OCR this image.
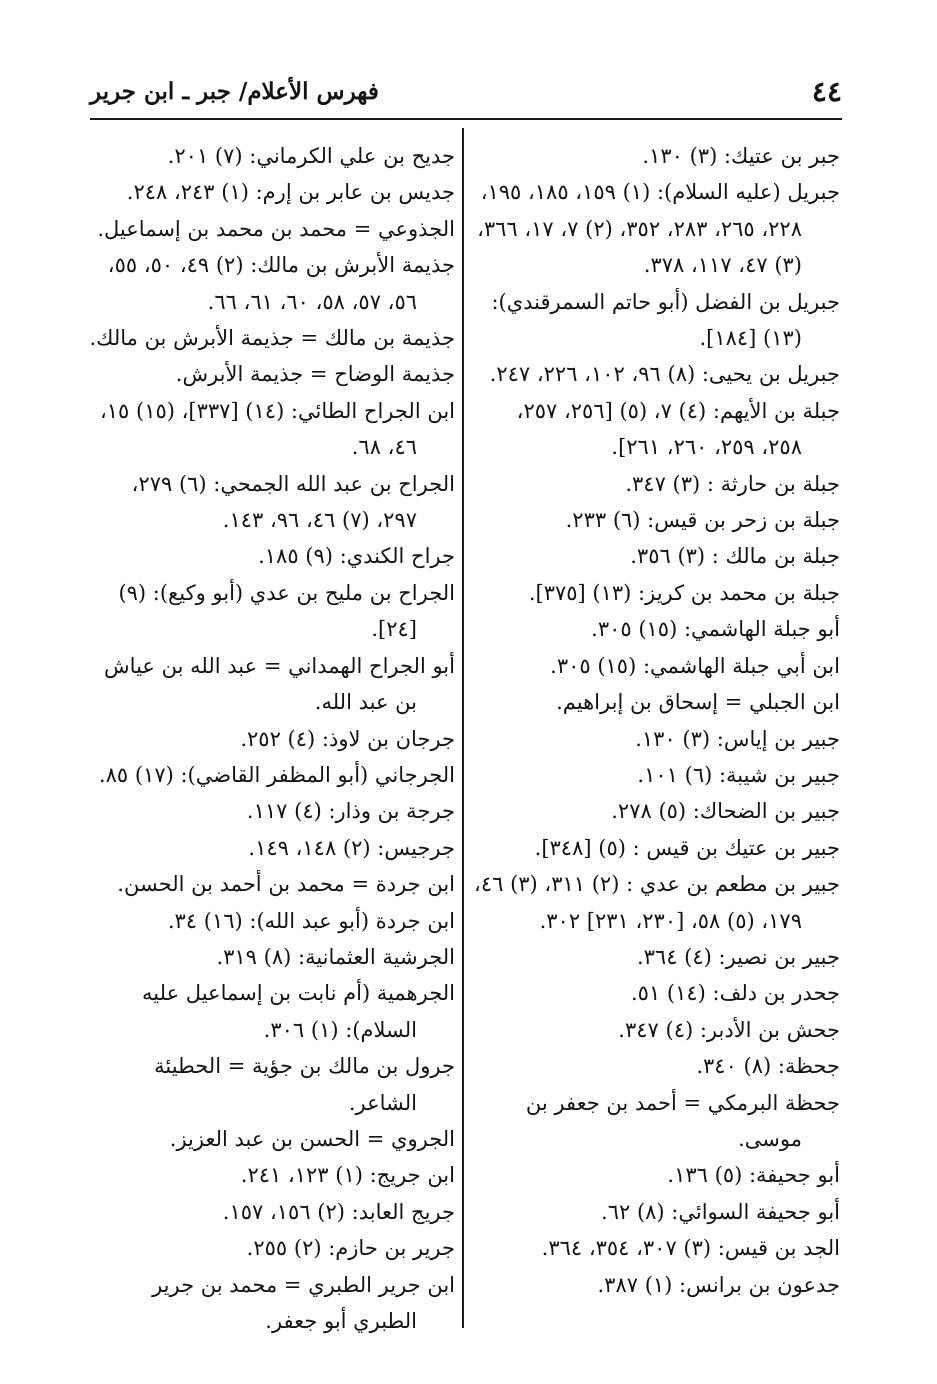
٤٤
فهرس الأعلام/ جبر ـ ابن جرير

جبر بن عتيك: (٣) ١٣٠.

جبريل (عليه السلام): (١) ١٥٩، ١٨٥، ١٩٥، ٢٢٨، ٢٦٥، ٢٨٣، ٣٥٢، (٢) ٧، ١٧، ٣٦٦، (٣) ٤٧، ١١٧، ٣٧٨.

جبريل بن الفضل (أبو حاتم السمرقندي): (١٣) [١٨٤].

جبريل بن يحيى: (٨) ٩٦، ١٠٢، ٢٢٦، ٢٤٧.

جبلة بن الأيهم: (٤) ٧، (٥) [٢٥٦، ٢٥٧، ٢٥٨، ٢٥٩، ٢٦٠، ٢٦١].

جبلة بن حارثة : (٣) ٣٤٧.

جبلة بن زحر بن قيس: (٦) ٢٣٣.

جبلة بن مالك : (٣) ٣٥٦.

جبلة بن محمد بن كريز: (١٣) [٣٧٥].

أبو جبلة الهاشمي: (١٥) ٣٠٥.

ابن أبي جبلة الهاشمي: (١٥) ٣٠٥.

ابن الجبلي = إسحاق بن إبراهيم.

جبير بن إياس: (٣) ١٣٠.

جبير بن شيبة: (٦) ١٠١.

جبير بن الضحاك: (٥) ٢٧٨.

جبير بن عتيك بن قيس : (٥) [٣٤٨].

جبير بن مطعم بن عدي : (٢) ٣١١، (٣) ٤٦، ١٧٩، (٥) ٥٨، [٢٣٠، ٢٣١] ٣٠٢.

جبير بن نصير: (٤) ٣٦٤.

جحدر بن دلف: (١٤) ٥١.

جحش بن الأدبر: (٤) ٣٤٧.

جحظة: (٨) ٣٤٠.

جحظة البرمكي = أحمد بن جعفر بن موسى.

أبو جحيفة: (٥) ١٣٦.

أبو جحيفة السوائي: (٨) ٦٢.

الجد بن قيس: (٣) ٣٠٧، ٣٥٤، ٣٦٤.

جدعون بن برانس: (١) ٣٨٧.

جديح بن علي الكرماني: (٧) ٢٠١.

جديس بن عابر بن إرم: (١) ٢٤٣، ٢٤٨.

الجذوعي = محمد بن محمد بن إسماعيل.

جذيمة الأبرش بن مالك: (٢) ٤٩، ٥٠، ٥٥، ٥٦، ٥٧، ٥٨، ٦٠، ٦١، ٦٦.

جذيمة بن مالك = جذيمة الأبرش بن مالك.

جذيمة الوضاح = جذيمة الأبرش.

ابن الجراح الطائي: (١٤) [٣٣٧]، (١٥) ١٥، ٤٦، ٦٨.

الجراح بن عبد الله الجمحي: (٦) ٢٧٩، ٢٩٧، (٧) ٤٦، ٩٦، ١٤٣.

جراح الكندي: (٩) ١٨٥.

الجراح بن مليح بن عدي (أبو وكيع): (٩) [٢٤].

أبو الجراح الهمداني = عبد الله بن عياش بن عبد الله.

جرجان بن لاوذ: (٤) ٢٥٢.

الجرجاني (أبو المظفر القاضي): (١٧) ٨٥.

جرجة بن وذار: (٤) ١١٧.

جرجيس: (٢) ١٤٨، ١٤٩.

ابن جردة = محمد بن أحمد بن الحسن.

ابن جردة (أبو عبد الله): (١٦) ٣٤.

الجرشية العثمانية: (٨) ٣١٩.

الجرهمية (أم نابت بن إسماعيل عليه السلام): (١) ٣٠٦.

جرول بن مالك بن جؤية = الحطيئة الشاعر.

الجروي = الحسن بن عبد العزيز.

ابن جريج: (١) ١٢٣، ٢٤١.

جريج العابد: (٢) ١٥٦، ١٥٧.

جرير بن حازم: (٢) ٢٥٥.

ابن جرير الطبري = محمد بن جرير الطبري أبو جعفر.
